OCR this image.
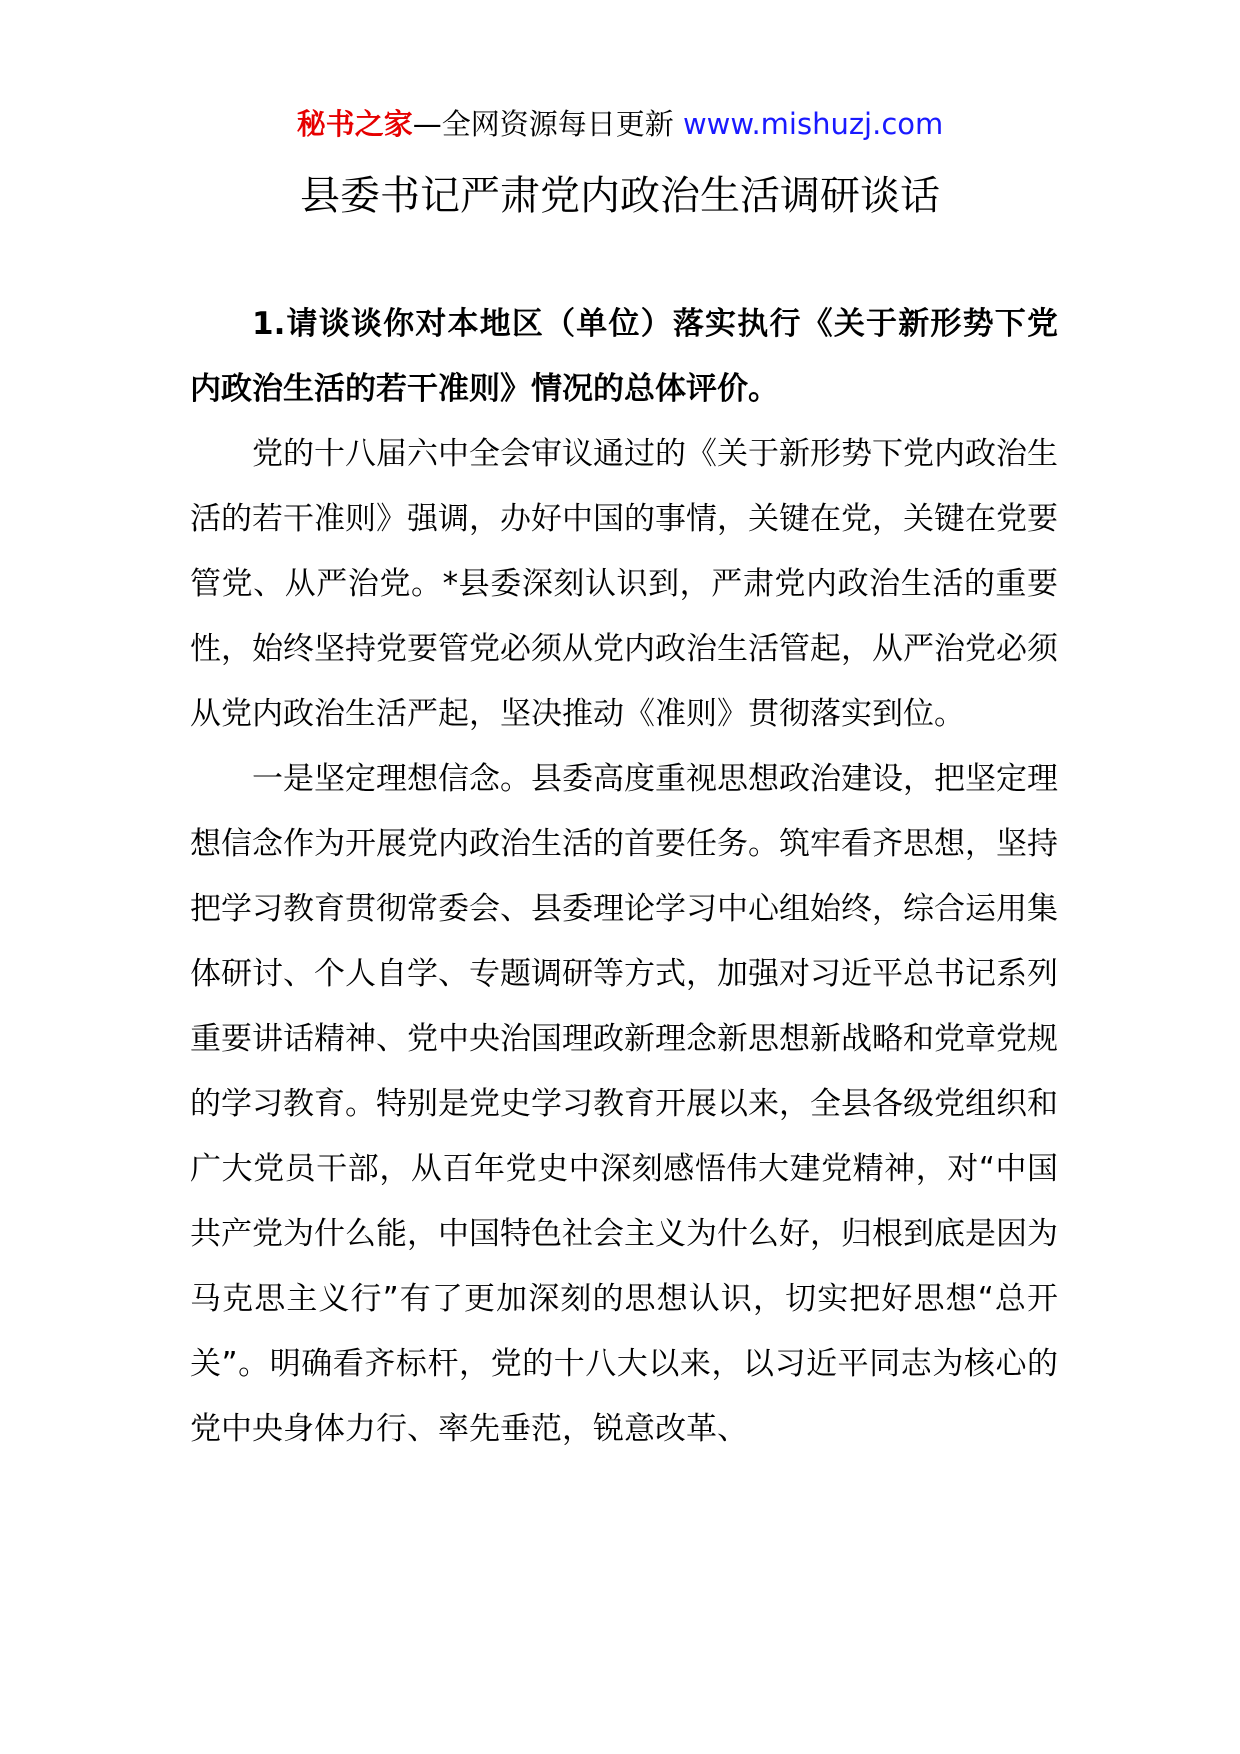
秘书之家—全网资源每日更新 www.mishuzj.com
县委书记严肃党内政治生活调研谈话

1.请谈谈你对本地区（单位）落实执行《关于新形势下党内政治生活的若干准则》情况的总体评价。

党的十八届六中全会审议通过的《关于新形势下党内政治生活的若干准则》强调，办好中国的事情，关键在党，关键在党要管党、从严治党。*县委深刻认识到，严肃党内政治生活的重要性，始终坚持党要管党必须从党内政治生活管起，从严治党必须从党内政治生活严起，坚决推动《准则》贯彻落实到位。

一是坚定理想信念。县委高度重视思想政治建设，把坚定理想信念作为开展党内政治生活的首要任务。筑牢看齐思想，坚持把学习教育贯彻常委会、县委理论学习中心组始终，综合运用集体研讨、个人自学、专题调研等方式，加强对习近平总书记系列重要讲话精神、党中央治国理政新理念新思想新战略和党章党规的学习教育。特别是党史学习教育开展以来，全县各级党组织和广大党员干部，从百年党史中深刻感悟伟大建党精神，对“中国共产党为什么能，中国特色社会主义为什么好，归根到底是因为马克思主义行”有了更加深刻的思想认识，切实把好思想“总开关”。明确看齐标杆，党的十八大以来，以习近平同志为核心的党中央身体力行、率先垂范，锐意改革、
